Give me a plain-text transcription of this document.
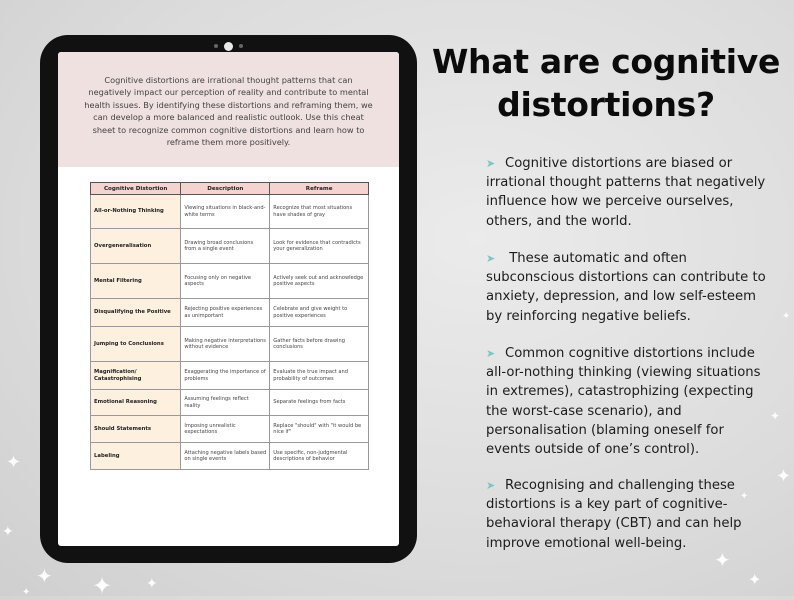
✦
✦
✦ ✦ ✦
✦
✦
✦
✦
✦
✦
✦
Cognitive distortions are irrational thought patterns that can negatively impact our perception of reality and contribute to mental health issues. By identifying these distortions and reframing them, we can develop a more balanced and realistic outlook. Use this cheat sheet to recognize common cognitive distortions and learn how to reframe them more positively.
Cognitive Distortion	Description	Reframe
All-or-Nothing Thinking	Viewing situations in black-and-white terms	Recognize that most situations have shades of gray
Overgeneralisation	Drawing broad conclusions from a single event	Look for evidence that contradicts your generalization
Mental Filtering	Focusing only on negative aspects	Actively seek out and acknowledge positive aspects
Disqualifying the Positive	Rejecting positive experiences as unimportant	Celebrate and give weight to positive experiences
Jumping to Conclusions	Making negative interpretations without evidence	Gather facts before drawing conclusions
Magnification/ Catastrophising	Exaggerating the importance of problems	Evaluate the true impact and probability of outcomes
Emotional Reasoning	Assuming feelings reflect reality	Separate feelings from facts
Should Statements	Imposing unrealistic expectations	Replace "should" with "it would be nice if"
Labeling	Attaching negative labels based on single events	Use specific, non-judgmental descriptions of behavior
What are cognitive distortions?
➤ Cognitive distortions are biased or irrational thought patterns that negatively influence how we perceive ourselves, others, and the world.
➤ These automatic and often subconscious distortions can contribute to anxiety, depression, and low self-esteem by reinforcing negative beliefs.
➤ Common cognitive distortions include all-or-nothing thinking (viewing situations in extremes), catastrophizing (expecting the worst-case scenario), and personalisation (blaming oneself for events outside of one’s control).
➤ Recognising and challenging these distortions is a key part of cognitive-behavioral therapy (CBT) and can help improve emotional well-being.
